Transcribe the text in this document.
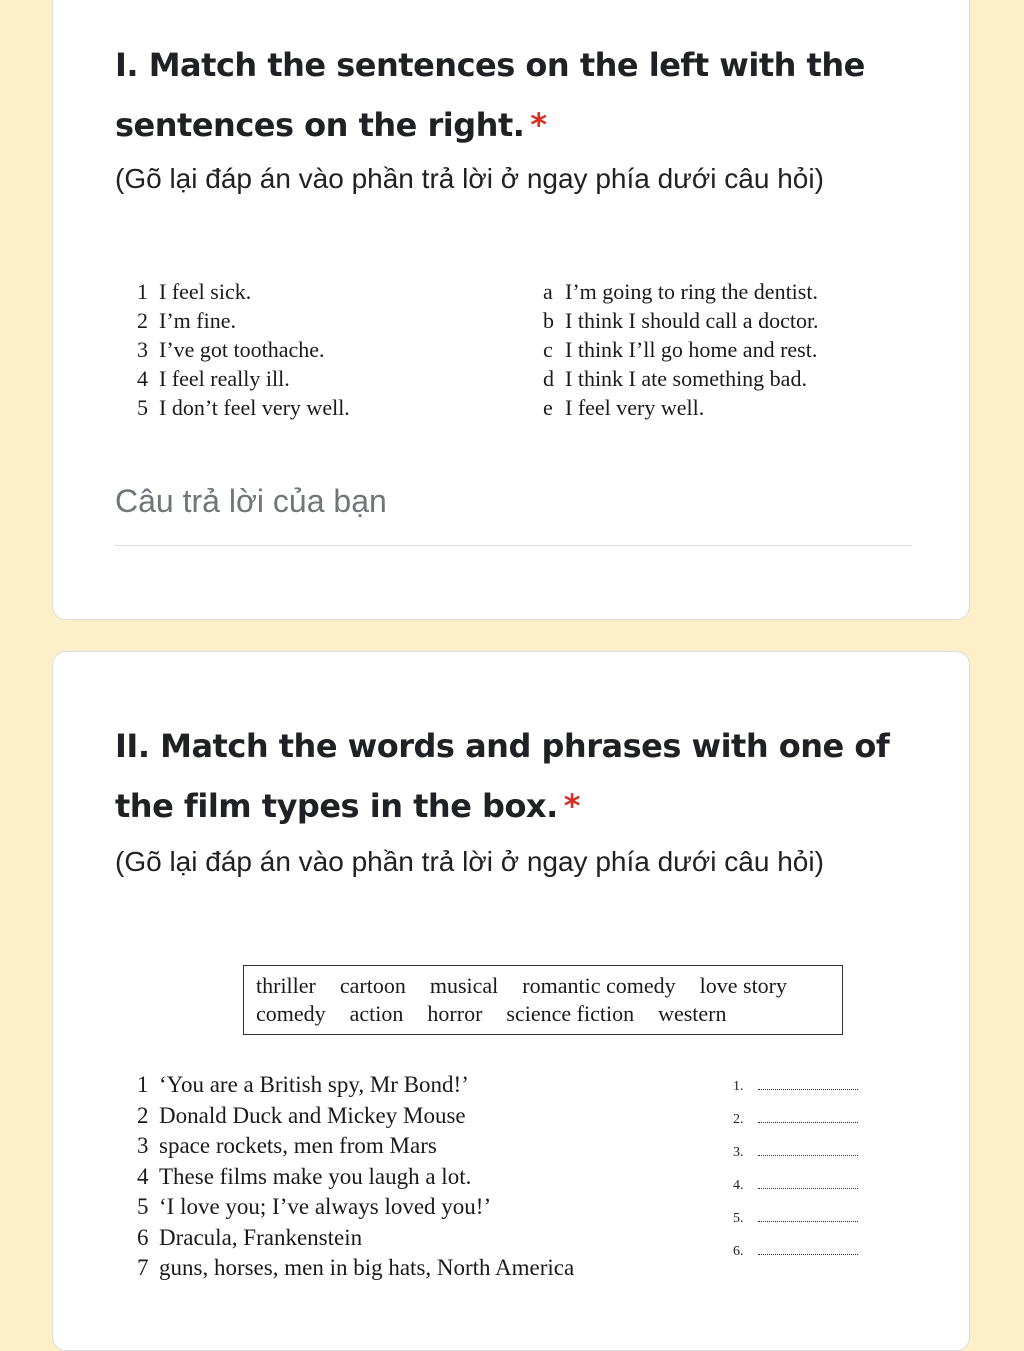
I. Match the sentences on the left with the sentences on the right. *

(Gõ lại đáp án vào phần trả lời ở ngay phía dưới câu hỏi)

1 I feel sick.
2 I’m fine.
3 I’ve got toothache.
4 I feel really ill.
5 I don’t feel very well.
a I’m going to ring the dentist.
b I think I should call a doctor.
c I think I’ll go home and rest.
d I think I ate something bad.
e I feel very well.
Câu trả lời của bạn
II. Match the words and phrases with one of the film types in the box. *

(Gõ lại đáp án vào phần trả lời ở ngay phía dưới câu hỏi)

thriller cartoon musical romantic comedy love story
comedy action horror science fiction western
1 ‘You are a British spy, Mr Bond!’
2 Donald Duck and Mickey Mouse
3 space rockets, men from Mars
4 These films make you laugh a lot.
5 ‘I love you; I’ve always loved you!’
6 Dracula, Frankenstein
7 guns, horses, men in big hats, North America
1.
2.
3.
4.
5.
6.
